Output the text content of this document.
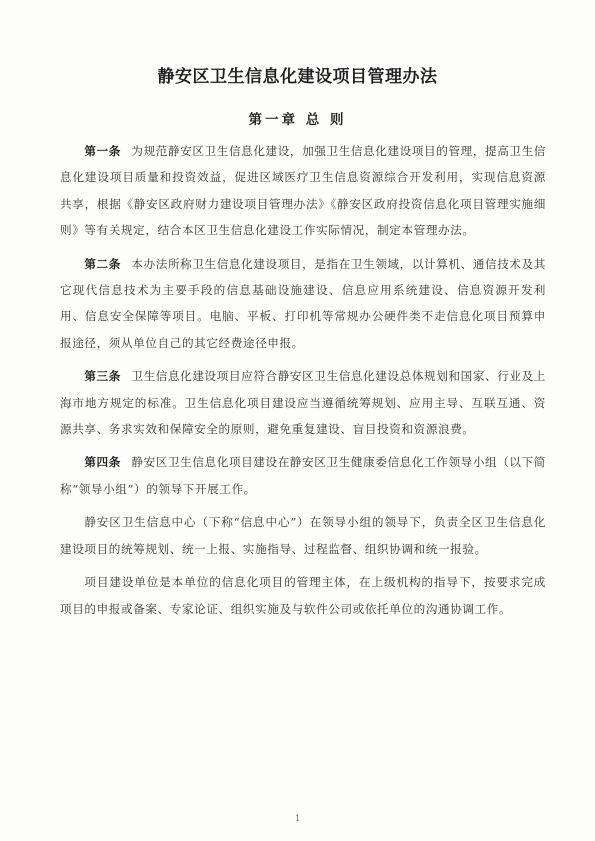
静安区卫生信息化建设项目管理办法
第一章 总 则

第一条 为规范静安区卫生信息化建设，加强卫生信息化建设项目的管理，提高卫生信息化建设项目质量和投资效益，促进区域医疗卫生信息资源综合开发利用，实现信息资源共享，根据《静安区政府财力建设项目管理办法》《静安区政府投资信息化项目管理实施细则》等有关规定，结合本区卫生信息化建设工作实际情况，制定本管理办法。

第二条 本办法所称卫生信息化建设项目，是指在卫生领域，以计算机、通信技术及其它现代信息技术为主要手段的信息基础设施建设、信息应用系统建设、信息资源开发利用、信息安全保障等项目。电脑、平板、打印机等常规办公硬件类不走信息化项目预算申报途径，须从单位自己的其它经费途径申报。

第三条 卫生信息化建设项目应符合静安区卫生信息化建设总体规划和国家、行业及上海市地方规定的标准。卫生信息化项目建设应当遵循统筹规划、应用主导、互联互通、资源共享、务求实效和保障安全的原则，避免重复建设、盲目投资和资源浪费。

第四条 静安区卫生信息化项目建设在静安区卫生健康委信息化工作领导小组（以下简称“领导小组”）的领导下开展工作。

静安区卫生信息中心（下称“信息中心”）在领导小组的领导下，负责全区卫生信息化建设项目的统筹规划、统一上报、实施指导、过程监督、组织协调和统一报验。

项目建设单位是本单位的信息化项目的管理主体，在上级机构的指导下，按要求完成项目的申报或备案、专家论证、组织实施及与软件公司或依托单位的沟通协调工作。

1
